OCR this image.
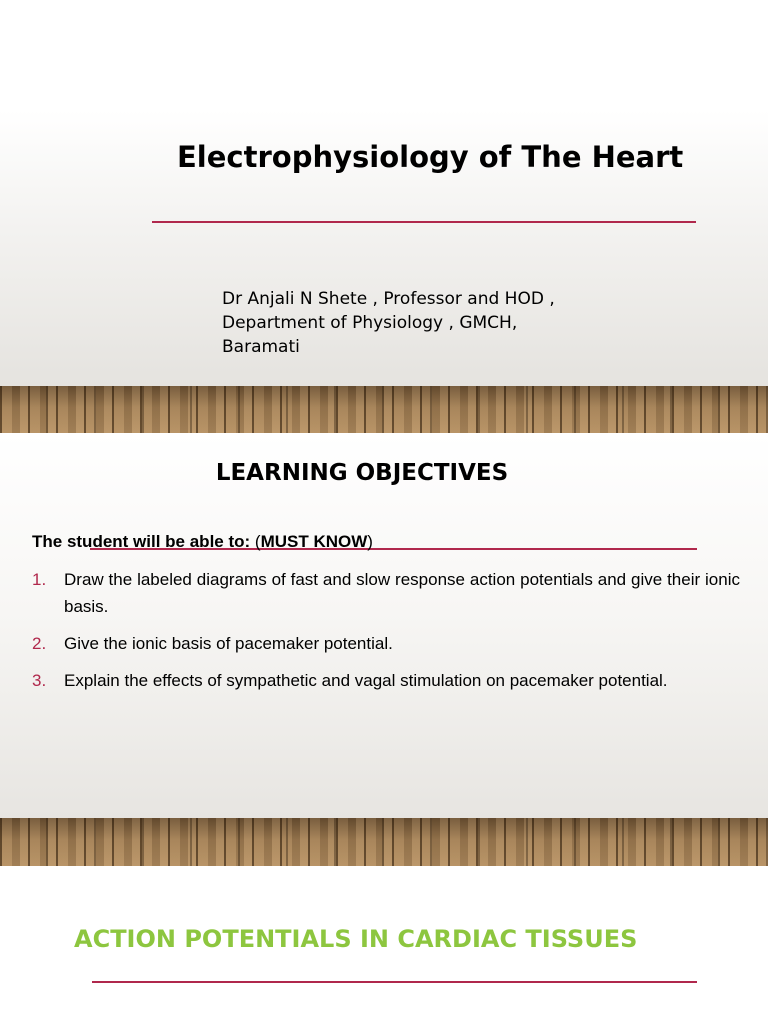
Electrophysiology of The Heart

Dr Anjali N Shete , Professor and HOD , Department of Physiology , GMCH, Baramati

LEARNING OBJECTIVES

The student will be able to: (MUST KNOW)

1. Draw the labeled diagrams of fast and slow response action potentials and give their ionic basis.
2. Give the ionic basis of pacemaker potential.
3. Explain the effects of sympathetic and vagal stimulation on pacemaker potential.
ACTION POTENTIALS IN CARDIAC TISSUES
